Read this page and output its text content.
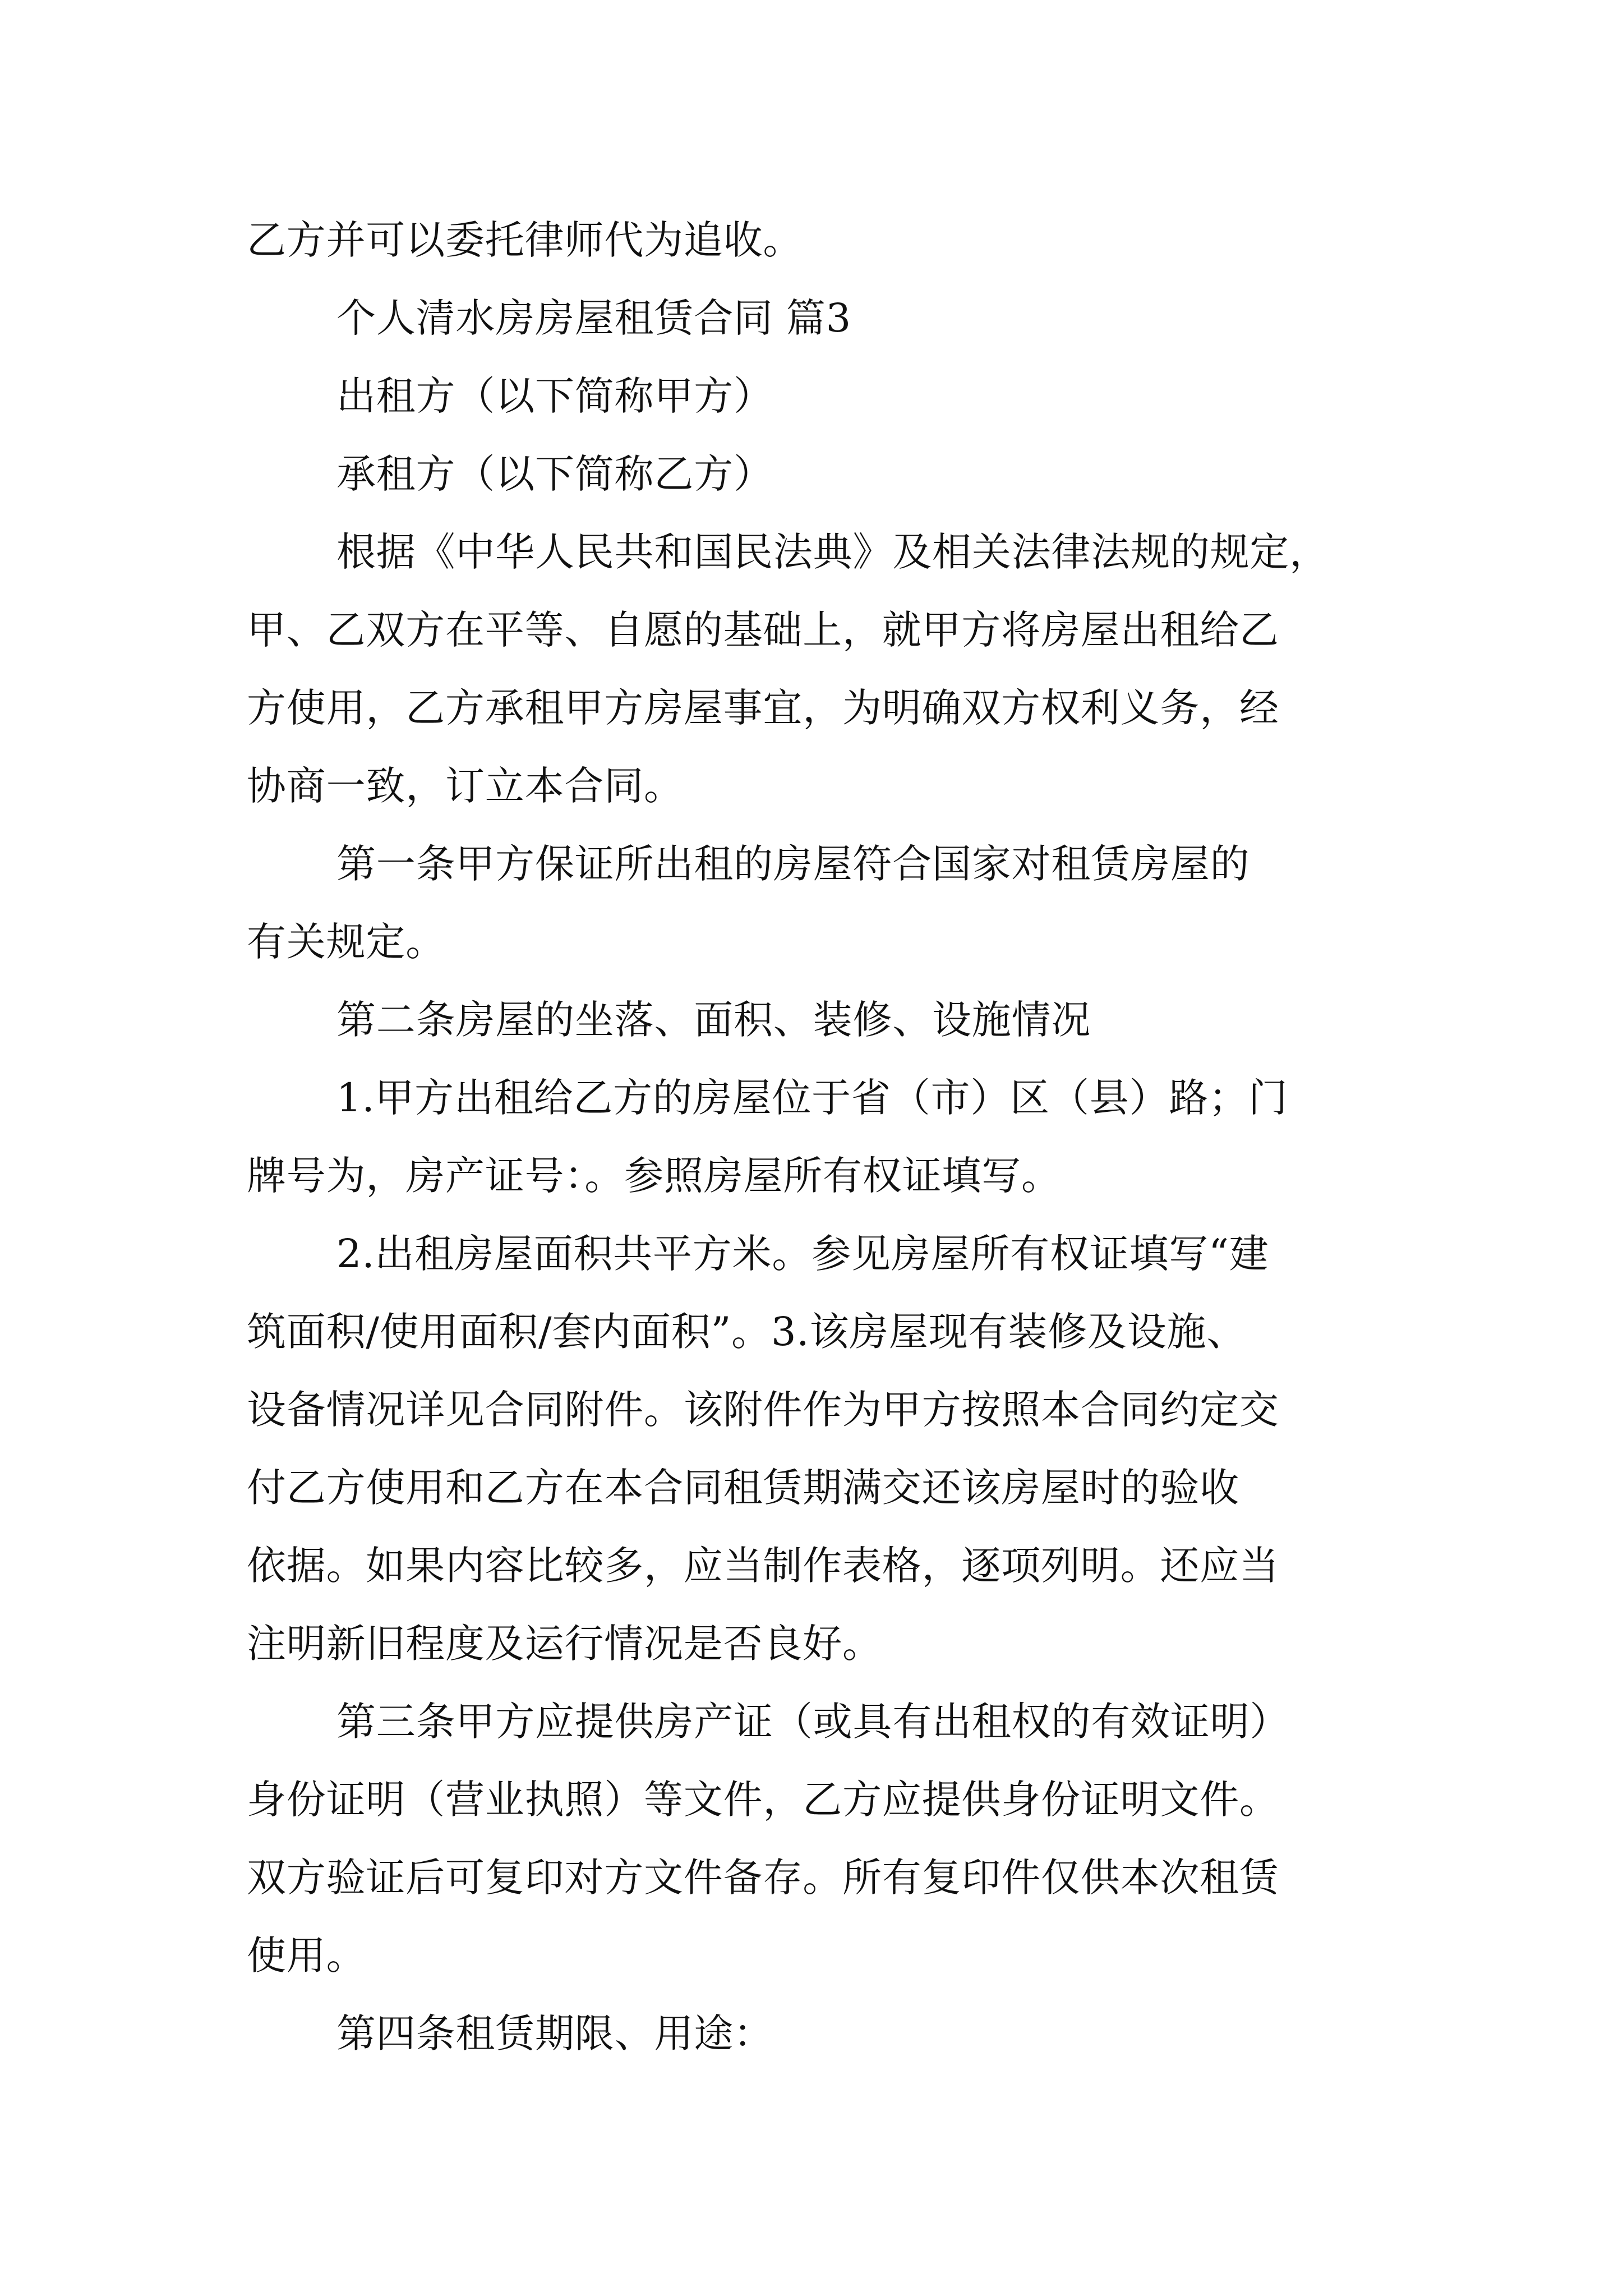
乙方并可以委托律师代为追收。
个人清水房房屋租赁合同 篇3
出租方（以下简称甲方）
承租方（以下简称乙方）
根据《中华人民共和国民法典》及相关法律法规的规定，
甲、乙双方在平等、自愿的基础上，就甲方将房屋出租给乙
方使用，乙方承租甲方房屋事宜，为明确双方权利义务，经
协商一致，订立本合同。
第一条甲方保证所出租的房屋符合国家对租赁房屋的
有关规定。
第二条房屋的坐落、面积、装修、设施情况
1.甲方出租给乙方的房屋位于省（市）区（县）路；门
牌号为，房产证号：。参照房屋所有权证填写。
2.出租房屋面积共平方米。参见房屋所有权证填写“建
筑面积/使用面积/套内面积”。3.该房屋现有装修及设施、
设备情况详见合同附件。该附件作为甲方按照本合同约定交
付乙方使用和乙方在本合同租赁期满交还该房屋时的验收
依据。如果内容比较多，应当制作表格，逐项列明。还应当
注明新旧程度及运行情况是否良好。
第三条甲方应提供房产证（或具有出租权的有效证明）
身份证明（营业执照）等文件，乙方应提供身份证明文件。
双方验证后可复印对方文件备存。所有复印件仅供本次租赁
使用。
第四条租赁期限、用途：
